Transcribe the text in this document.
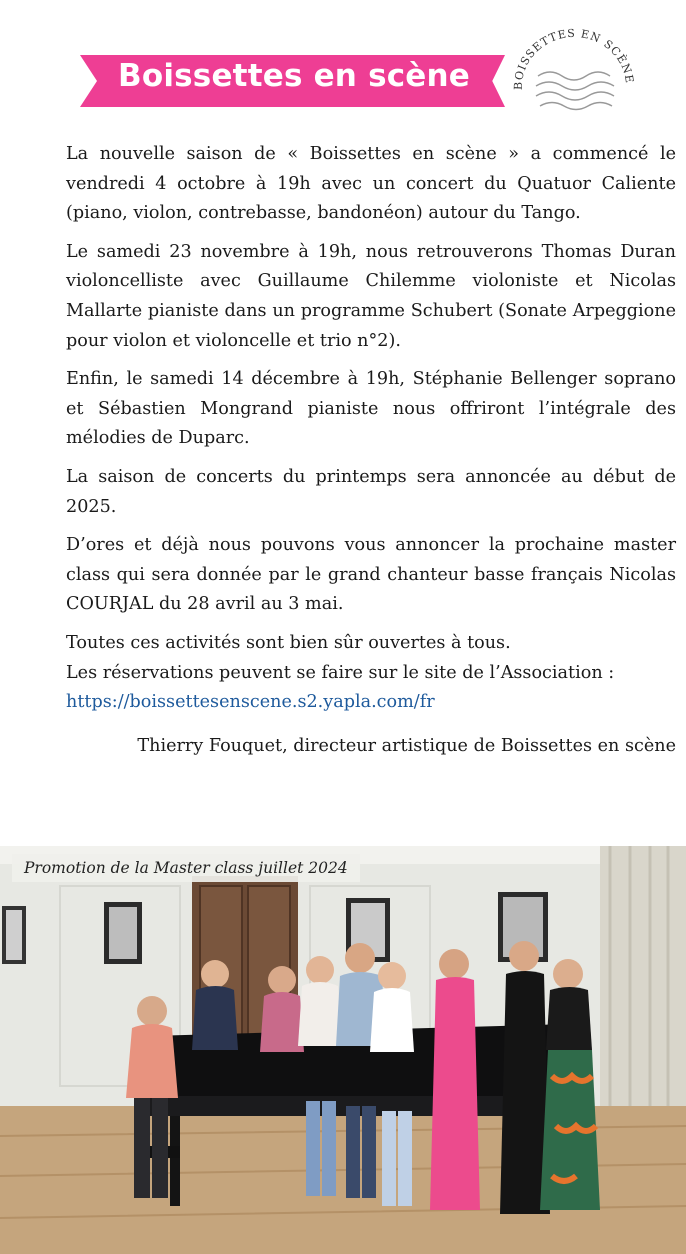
Boissettes en scène	BOISSETTES EN SCÈNE

La nouvelle saison de « Boissettes en scène » a commencé le vendredi 4 octobre à 19h avec un concert du Quatuor Caliente (piano, violon, contrebasse, bandonéon) autour du Tango.

Le samedi 23 novembre à 19h, nous retrouverons Thomas Duran violoncelliste avec Guillaume Chilemme violoniste et Nicolas Mallarte pianiste dans un programme Schubert (Sonate Arpeggione pour violon et violoncelle et trio n°2).

Enfin, le samedi 14 décembre à 19h, Stéphanie Bellenger soprano et Sébastien Mongrand pianiste nous offriront l’intégrale des mélodies de Duparc.

La saison de concerts du printemps sera annoncée au début de 2025.

D’ores et déjà nous pouvons vous annoncer la prochaine master class qui sera donnée par le grand chanteur basse français Nicolas COURJAL du 28 avril au 3 mai.

Toutes ces activités sont bien sûr ouvertes à tous.

Les réservations peuvent se faire sur le site de l’Association :

https://boissettesenscene.s2.yapla.com/fr
Thierry Fouquet, directeur artistique de Boissettes en scène
Promotion de la Master class juillet 2024
